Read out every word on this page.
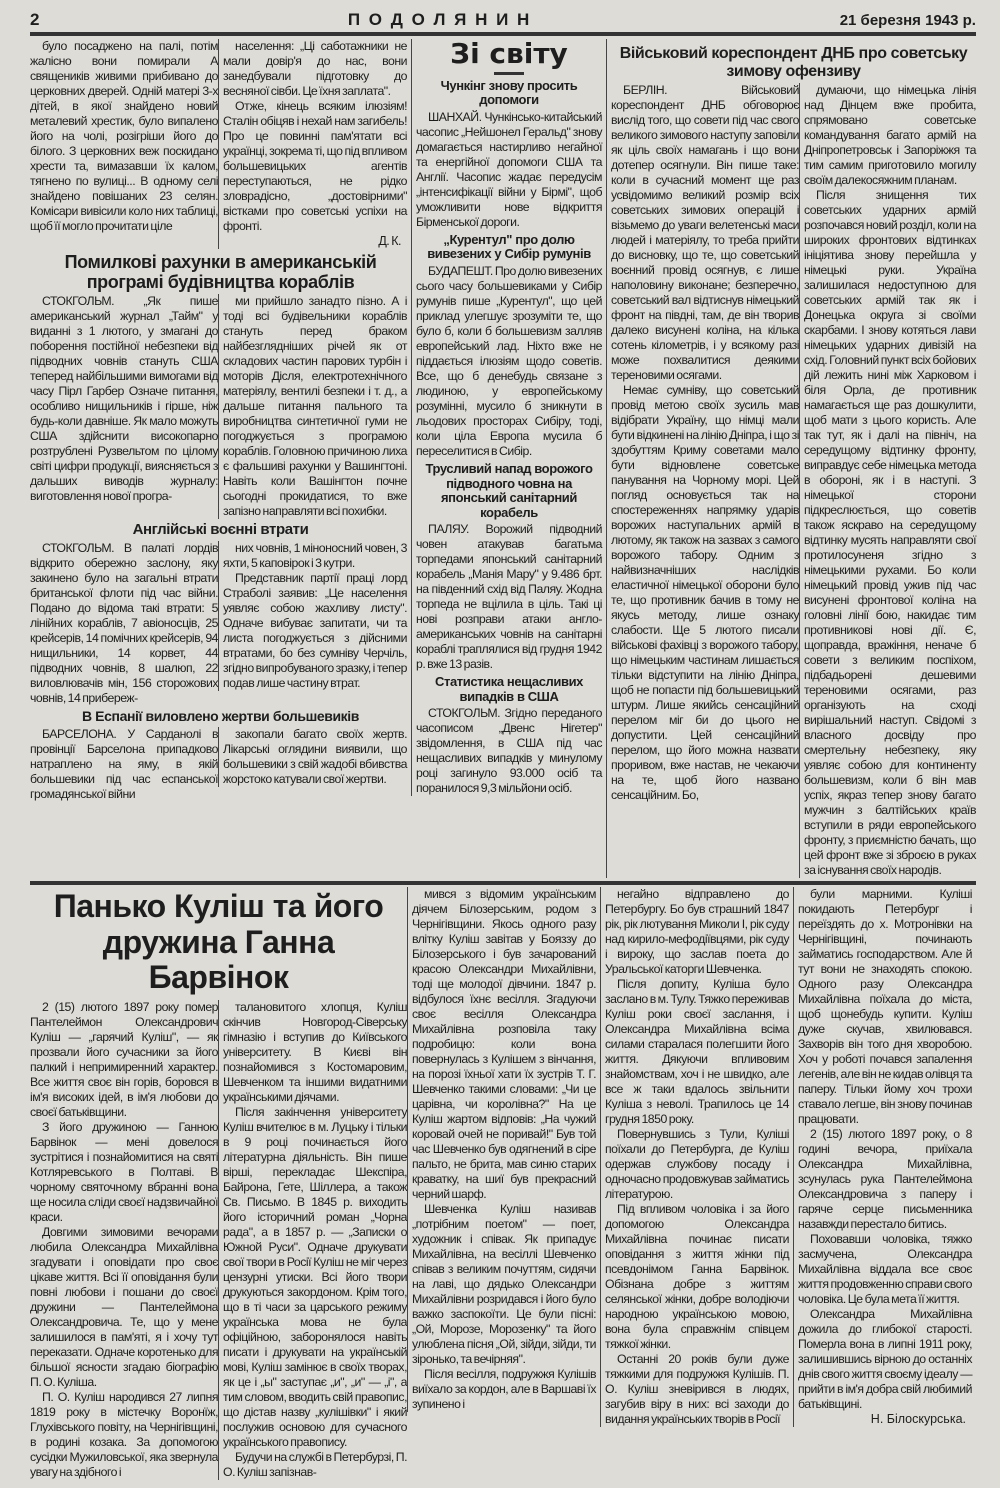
2	П О Д О Л Я Н И Н	21 березня 1943 р.

було посаджено на палі, потім жалісно вони помирали А священиків живими прибивано до церковних дверей. Одній матері 3-х дітей, в якої знайдено новий металевий хрестик, було випалено його на чолі, розігріши його до білого. З церковних веж поскидано хрести та, вимазавши їх калом, тягнено по вулиці... В одному селі знайдено повішаних 23 селян. Комісари вивісили коло них таблиці, щоб її могло прочитати ціле

населення: „Ці саботажники не мали довір'я до нас, вони занедбували підготовку до весняної сівби. Це їхня заплата".

Отже, кінець всяким ілюзіям! Сталін обіцяв і нехай нам загибель! Про це повинні пам'ятати всі українці, зокрема ті, що під впливом большевицьких агентів переступаються, не рідко зловрадісно, „достовірними" вістками про советські успіхи на фронті.

Д. К.
Помилкові рахунки в американській програмі будівництва кораблів

СТОКГОЛЬМ. „Як пише американський журнал „Тайм" у виданні з 1 лютого, у змагані до поборення постійної небезпеки від підводних човнів стануть США теперед найбільшими вимогами від часу Пірл Гарбер Означе питання, особливо нищильників і гірше, ніж будь-коли давніше. Як мало можуть США здійснити високопарно розтрублені Рузвельтом по цілому світі цифри продукції, виясняється з дальших виводів журналу: виготовлення нової програ-

ми прийшло занадто пізно. А і тоді всі будівельники кораблів стануть перед браком найбезглядніших річей як от складових частин парових турбін і моторів Дісля, електротехнічного матеріялу, вентилі безпеки і т. д., а дальше питання пального та виробництва синтетичної гуми не погоджується з програмою кораблів. Головною причиною лиха є фальшиві рахунки у Вашингтоні. Навіть коли Вашінгтон почне сьогодні прокидатися, то вже запізно направляти всі похибки.

Англійські воєнні втрати

СТОКГОЛЬМ. В палаті лордів відкрито обережно заслону, яку закинено було на загальні втрати британської флоти під час війни. Подано до відома такі втрати: 5 лінійних кораблів, 7 авіоносців, 25 крейсерів, 14 помічних крейсерів, 94 нищильники, 14 корвет, 44 підводних човнів, 8 шалюп, 22 виловлювачів мін, 156 сторожових човнів, 14 прибереж-

них човнів, 1 міноносний човен, 3 яхти, 5 каповірок і 3 кутри.

Представник партії праці лорд Страболі заявив: „Це населення уявляє собою жахливу листу". Одначе вибуває запитати, чи та листа погоджується з дійсними втратами, бо без сумніву Черчіль, згідно випробуваного зразку, і тепер подав лише частину втрат.

В Еспанії виловлено жертви большевиків

БАРСЕЛОНА. У Сарданолі в провінції Барселона припадково натраплено на яму, в якій большевики під час еспанської громадянської війни

закопали багато своїх жертв. Лікарські оглядини виявили, що большевики з свій жадобі вбивства жорстоко катували свої жертви.

Зі світу
Чункінг знову просить допомоги

ШАНХАЙ. Чункінсько-китайський часопис „Нейшонел Геральд" знову домагається настирливо негайної та енергійної допомоги США та Англії. Часопис жадає передусім „інтенсифікації війни у Бірмі", щоб уможливити нове відкриття Бірменської дороги.

„Курентул" про долю вивезених у Сибір румунів

БУДАПЕШТ. Про долю вивезених сього часу большевиками у Сибір румунів пише „Курентул", що цей приклад улегшує зрозуміти те, що було б, коли б большевизм залляв европейський лад. Ніхто вже не піддається ілюзіям щодо советів. Все, що б денебудь связане з людиною, у европейському розумінні, мусило б зникнути в льодових просторах Сибіру, тоді, коли ціла Европа мусила б переселитися в Сибір.

Трусливий напад ворожого підводного човна на японський санітарний корабель

ПАЛЯУ. Ворожий підводний човен атакував багатьма торпедами японський санітарний корабель „Манія Мару" у 9.486 брт. на південний схід від Паляу. Жодна торпеда не вцілила в ціль. Такі ці нові розправи атаки англо-американських човнів на санітарні кораблі траплялися від грудня 1942 р. вже 13 разів.

Статистика нещасливих випадків в США

СТОКГОЛЬМ. Згідно переданого часописом „Двенс Нігетер" звідомлення, в США під час нещасливих випадків у минулому році загинуло 93.000 осіб та поранилося 9,3 мільйони осіб.

Військовий кореспондент ДНБ про советську зимову офензиву

БЕРЛІН. Військовий кореспондент ДНБ обговорює вислід того, що совети під час свого великого зимового наступу заповіли як ціль своїх намагань і що вони дотепер осягнули. Він пише таке: коли в сучасний момент ще раз усвідомимо великий розмір всіх советських зимових операцій і візьмемо до уваги велетенські маси людей і матеріялу, то треба прийти до висновку, що те, що советський воєнний провід осягнув, є лише наполовину виконане; безперечно, советський вал відтиснув німецький фронт на півдні, там, де він творив далеко висунені коліна, на кілька сотень кілометрів, і у всякому разі може похвалитися деякими тереновими осягами.

Немає сумніву, що советський провід метою своїх зусиль мав відібрати Україну, що німці мали бути відкинені на лінію Дніпра, і що зі здобуттям Криму советами мало бути відновлене советське панування на Чорному морі. Цей погляд основується так на спостереженнях напрямку ударів ворожих наступальних армій в лютому, як також на зазвах з самого ворожого табору. Одним з найвизначніших наслідків еластичної німецької оборони було те, що противник бачив в тому не якусь методу, лише ознаку слабости. Ще 5 лютого писали військові фахівці з ворожого табору, що німецьким частинам лишається тільки відступити на лінію Дніпра, щоб не попасти під большевицький штурм. Лише якийсь сенсаційний перелом міг би до цього не допустити. Цей сенсаційний перелом, що його можна назвати проривом, вже настав, не чекаючи на те, щоб його названо сенсаційним. Бо,

думаючи, що німецька лінія над Дінцем вже пробита, спрямовано советське командування багато армій на Дніпропетровськ і Запоріжжя та тим самим приготовило могилу своїм далекосяжним планам.

Після знищення тих советських ударних армій розпочався новий розділ, коли на широких фронтових відтинках ініціятива знову перейшла у німецькі руки. Україна залишилася недоступною для советських армій так як і Донецька округа зі своїми скарбами. І знову котяться лави німецьких ударних дивізій на схід. Головний пункт всіх бойових дій лежить нині між Харковом і біля Орла, де противник намагається ще раз дошкулити, щоб мати з цього користь. Але так тут, як і далі на північ, на середущому відтинку фронту, виправдує себе німецька метода в обороні, як і в наступі. З німецької сторони підкреслюється, що советів також яскраво на середущому відтинку мусять направляти свої протилосуненя згідно з німецькими рухами. Бо коли німецький провід ужив під час висунені фронтової коліна на головні лінії бою, накидає тим противникові нові дії. Є, щоправда, вражіння, неначе б совети з великим поспіхом, підбадьорені дешевими тереновими осягами, раз організують на сході вирішальний наступ. Свідомі з власного досвіду про смертельну небезпеку, яку уявляє собою для континенту большевизм, коли б він мав успіх, якраз тепер знову багато мужчин з балтійських країв вступили в ряди европейського фронту, з приємністю бачать, що цей фронт вже зі зброєю в руках за існування своїх народів.

Панько Куліш та його дружина Ганна Барвінок

2 (15) лютого 1897 року помер Пантелеймон Олександрович Куліш — „гарячий Куліш", — як прозвали його сучасники за його палкий і непримиренний характер. Все життя своє він горів, боровся в ім'я високих ідей, в ім'я любови до своєї батьківщини.

З його дружиною — Ганною Барвінок — мені довелося зустрітися і познайомитися на святі Котляревського в Полтаві. В чорному святочному вбранні вона ще носила сліди своєї надзвичайної краси.

Довгими зимовими вечорами любила Олександра Михайлівна згадувати і оповідати про своє цікаве життя. Всі її оповідання були повні любови і пошани до своєї дружини — Пантелеймона Олександровича. Те, що у мене залишилося в пам'яті, я і хочу тут переказати. Одначе коротенько для більшої ясности згадаю біографію П. О. Куліша.

П. О. Куліш народився 27 липня 1819 року в містечку Воронїж, Глухівського повіту, на Чернігівщині, в родині козака. За допомогою сусідки Мужиловської, яка звернула увагу на здібного і

талановитого хлопця, Куліш скінчив Новгород-Сіверську гімназію і вступив до Київського університету. В Києві він познайомився з Костомаровим, Шевченком та іншими видатними українськими діячами.

Після закінчення університету Куліш вчителює в м. Луцьку і тільки в 9 році починається його літературна діяльність. Він пише вірші, перекладає Шекспіра, Байрона, Гете, Шіллера, а також Св. Письмо. В 1845 р. виходить його історичний роман „Чорна рада", а в 1857 р. — „Записки о Южной Руси". Одначе друкувати свої твори в Росії Куліш не міг через цензурні утиски. Всі його твори друкуються закордоном. Крім того, що в ті часи за царського режиму українська мова не була офіційною, заборонялося навіть писати і друкувати на українській мові, Куліш замінює в своїх творах, як це і „ы" заступає „и", „и" — „і", а тим словом, вводить свій правопис, що дістав назву „кулішівки" і який послужив основою для сучасного українського правопису.

Будучи на службі в Петербурзі, П. О. Куліш запізнав-

мився з відомим українським діячем Білозерським, родом з Чернігівщини. Якось одного разу влітку Куліш завітав у Бояззу до Білозерського і був зачарований красою Олександри Михайлівни, тоді ще молодої дівчини. 1847 р. відбулося їхнє весілля. Згадуючи своє весілля Олександра Михайлівна розповіла таку подробицю: коли вона повернулась з Кулішем з вінчання, на порозі їхньої хати їх зустрів Т. Г. Шевченко такими словами: „Чи це царівна, чи королівна?" На це Куліш жартом відповів: „На чужий коровай очей не поривай!" Був той час Шевченко був одягнений в сіре пальто, не брита, мав синю старих краватку, на шиї був прекрасний черний шарф.

Шевченка Куліш називав „потрібним поетом" — поет, художник і співак. Як припадує Михайлівна, на весіллі Шевченко співав з великим почуттям, сидячи на лаві, що дядько Олександри Михайлівни розридався і його було важко заспокоїти. Це були пісні: „Ой, Морозе, Морозенку" та його улюблена пісня „Ой, зійди, зійди, ти зіронько, та вечірняя".

Після весілля, подружжя Кулішів виїхало за кордон, але в Варшаві їх зупинено і

негайно відправлено до Петербургу. Бо був страшний 1847 рік, рік лютування Миколи І, рік суду над кирило-мефодіївцями, рік суду і вироку, що заслав поета до Уральської каторги Шевченка.

Після допиту, Куліша було заслано в м. Тулу. Тяжко переживав Куліш роки своєї заслання, і Олександра Михайлівна всіма силами старалася полегшити його життя. Дякуючи впливовим знайомствам, хоч і не швидко, але все ж таки вдалось звільнити Куліша з неволі. Трапилось це 14 грудня 1850 року.

Повернувшись з Тули, Куліші поїхали до Петербурга, де Куліш одержав службову посаду і одночасно продовжував займатись літературою.

Під впливом чоловіка і за його допомогою Олександра Михайлівна починає писати оповідання з життя жінки під псевдонімом Ганна Барвінок. Обізнана добре з життям селянської жінки, добре володіючи народною українською мовою, вона була справжнім співцем тяжкої жінки.

Останні 20 років були дуже тяжкими для подружжя Кулішів. П. О. Куліш зневірився в людях, загубив віру в них: всі заходи до видання українських творів в Росії

були марними. Куліші покидають Петербург і переїздять до х. Мотронівки на Чернігівщині, починають займатись господарством. Але й тут вони не знаходять спокою. Одного разу Олександра Михайлівна поїхала до міста, щоб щонебудь купити. Куліш дуже скучав, хвилювався. Захворів він того дня хворобою. Хоч у роботі почався запалення легенів, але він не кидав олівця та паперу. Тільки йому хоч трохи ставало легше, він знову починав працювати.

2 (15) лютого 1897 року, о 8 годині вечора, приїхала Олександра Михайлівна, зсунулась рука Пантелеймона Олександровича з паперу і гаряче серце письменника назавжди перестало битись.

Поховавши чоловіка, тяжко засмучена, Олександра Михайлівна віддала все своє життя продовженню справи свого чоловіка. Це була мета її життя.

Олександра Михайлівна дожила до глибокої старості. Померла вона в липні 1911 року, залишившись вірною до останніх днів свого життя своєму ідеалу — прийти в ім'я добра свій любимий батьківщині.

Н. Білоскурська.
